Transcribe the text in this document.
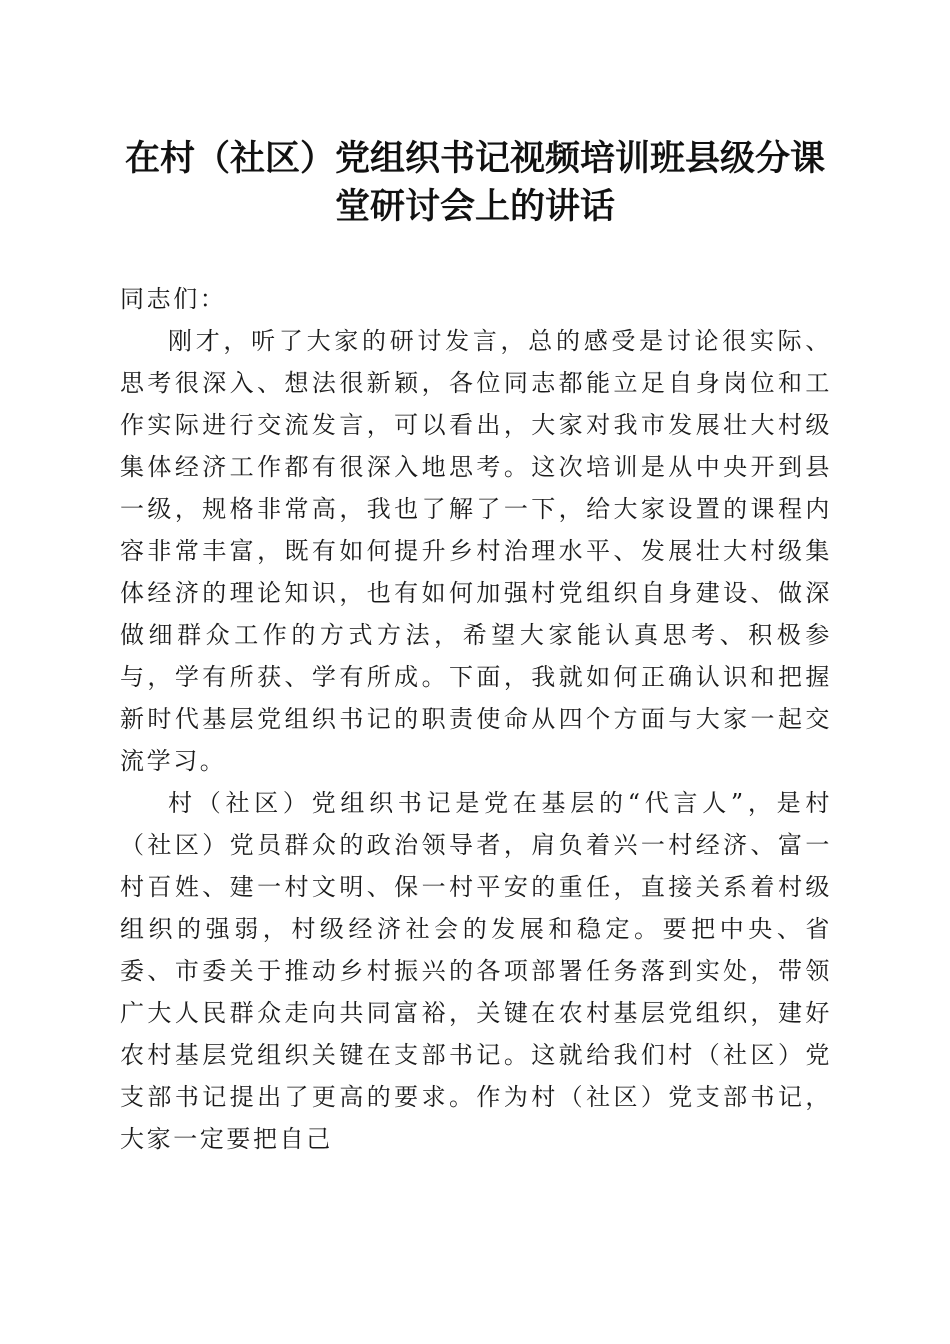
在村（社区）党组织书记视频培训班县级分课
堂研讨会上的讲话

同志们：

刚才，听了大家的研讨发言，总的感受是讨论很实际、思考很深入、想法很新颖，各位同志都能立足自身岗位和工作实际进行交流发言，可以看出，大家对我市发展壮大村级集体经济工作都有很深入地思考。这次培训是从中央开到县一级，规格非常高，我也了解了一下，给大家设置的课程内容非常丰富，既有如何提升乡村治理水平、发展壮大村级集体经济的理论知识，也有如何加强村党组织自身建设、做深做细群众工作的方式方法，希望大家能认真思考、积极参与，学有所获、学有所成。下面，我就如何正确认识和把握新时代基层党组织书记的职责使命从四个方面与大家一起交流学习。

村（社区）党组织书记是党在基层的“代言人”，是村（社区）党员群众的政治领导者，肩负着兴一村经济、富一村百姓、建一村文明、保一村平安的重任，直接关系着村级组织的强弱，村级经济社会的发展和稳定。要把中央、省委、市委关于推动乡村振兴的各项部署任务落到实处，带领广大人民群众走向共同富裕，关键在农村基层党组织，建好农村基层党组织关键在支部书记。这就给我们村（社区）党支部书记提出了更高的要求。作为村（社区）党支部书记，大家一定要把自己
